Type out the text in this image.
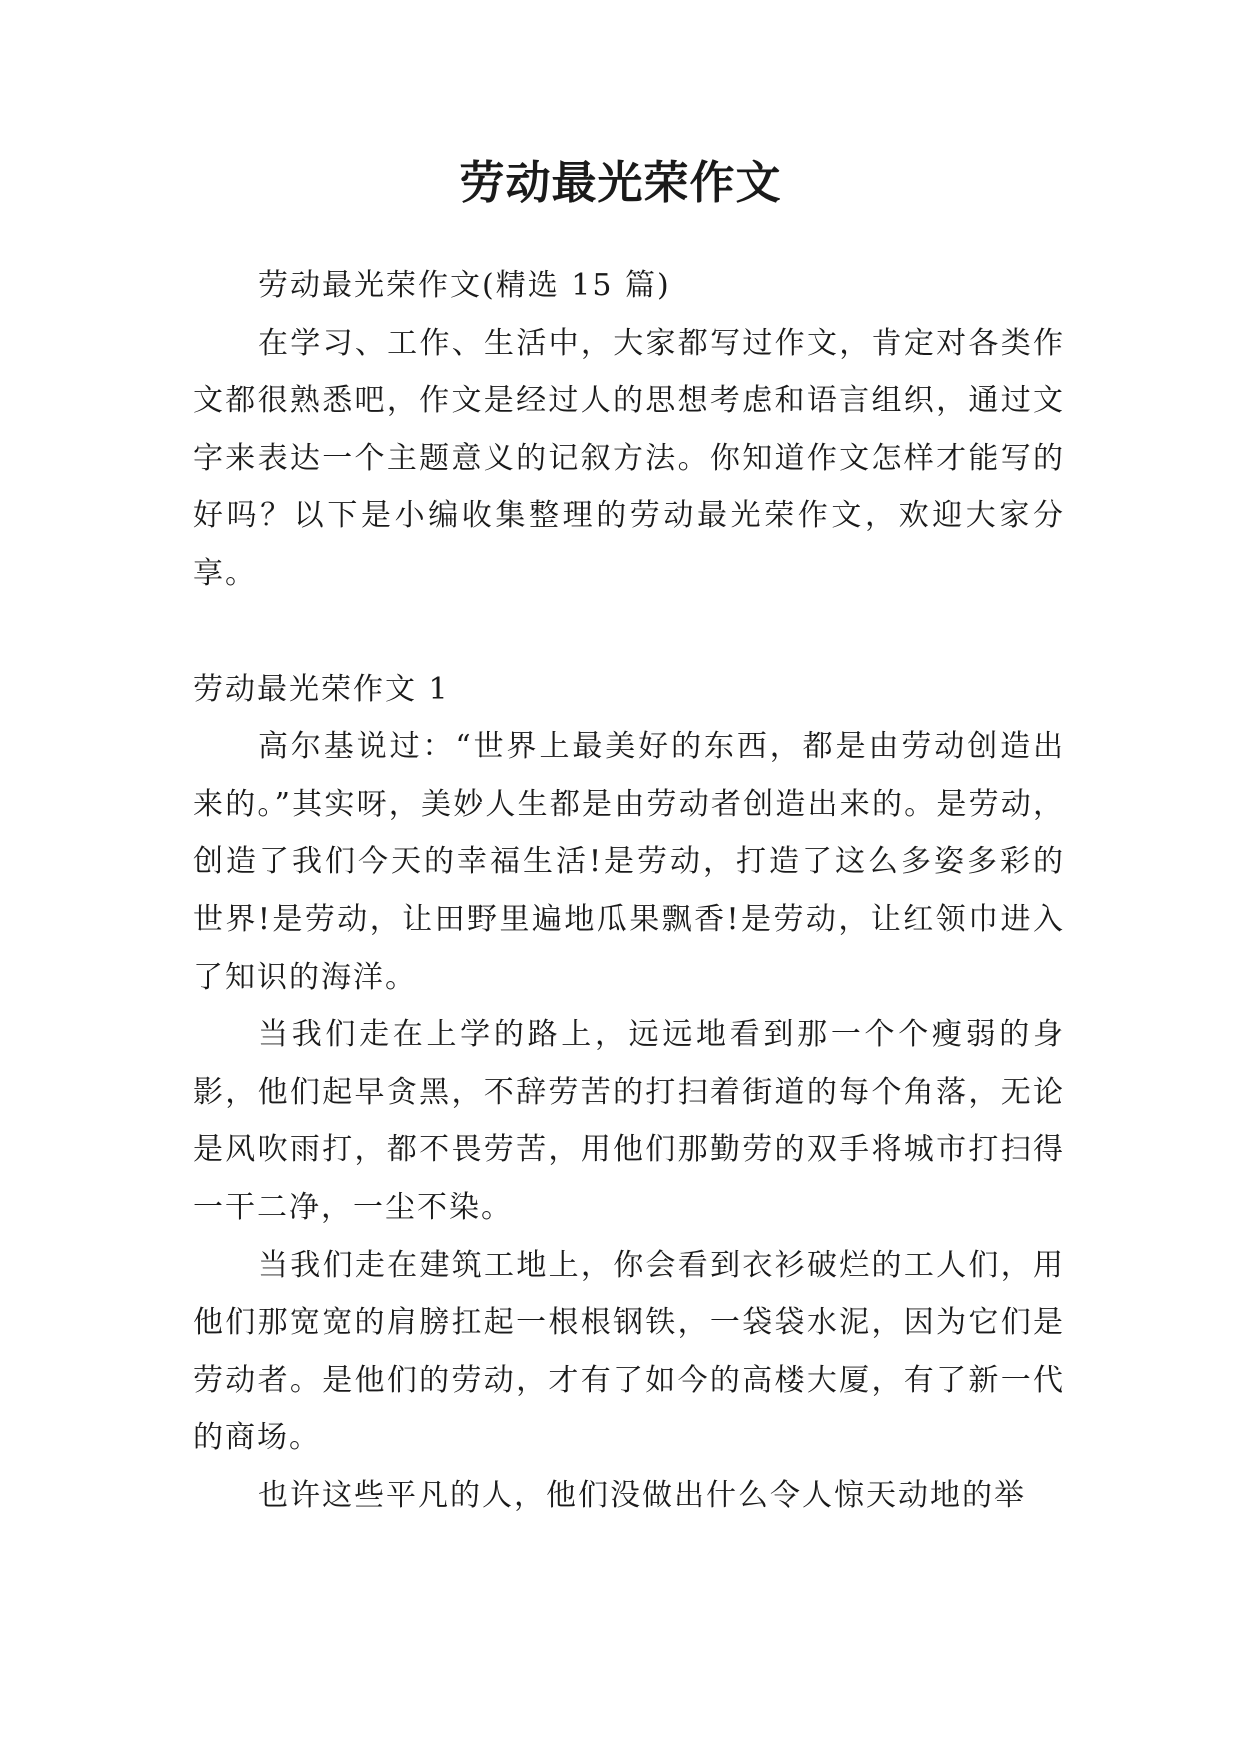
劳动最光荣作文

劳动最光荣作文(精选 15 篇)

在学习、工作、生活中，大家都写过作文，肯定对各类作文都很熟悉吧，作文是经过人的思想考虑和语言组织，通过文字来表达一个主题意义的记叙方法。你知道作文怎样才能写的好吗？以下是小编收集整理的劳动最光荣作文，欢迎大家分享。

劳动最光荣作文 1

高尔基说过：“世界上最美好的东西，都是由劳动创造出来的。”其实呀，美妙人生都是由劳动者创造出来的。是劳动，创造了我们今天的幸福生活!是劳动，打造了这么多姿多彩的世界!是劳动，让田野里遍地瓜果飘香!是劳动，让红领巾进入了知识的海洋。

当我们走在上学的路上，远远地看到那一个个瘦弱的身影，他们起早贪黑，不辞劳苦的打扫着街道的每个角落，无论是风吹雨打，都不畏劳苦，用他们那勤劳的双手将城市打扫得一干二净，一尘不染。

当我们走在建筑工地上，你会看到衣衫破烂的工人们，用他们那宽宽的肩膀扛起一根根钢铁，一袋袋水泥，因为它们是劳动者。是他们的劳动，才有了如今的高楼大厦，有了新一代的商场。

也许这些平凡的人，他们没做出什么令人惊天动地的举
